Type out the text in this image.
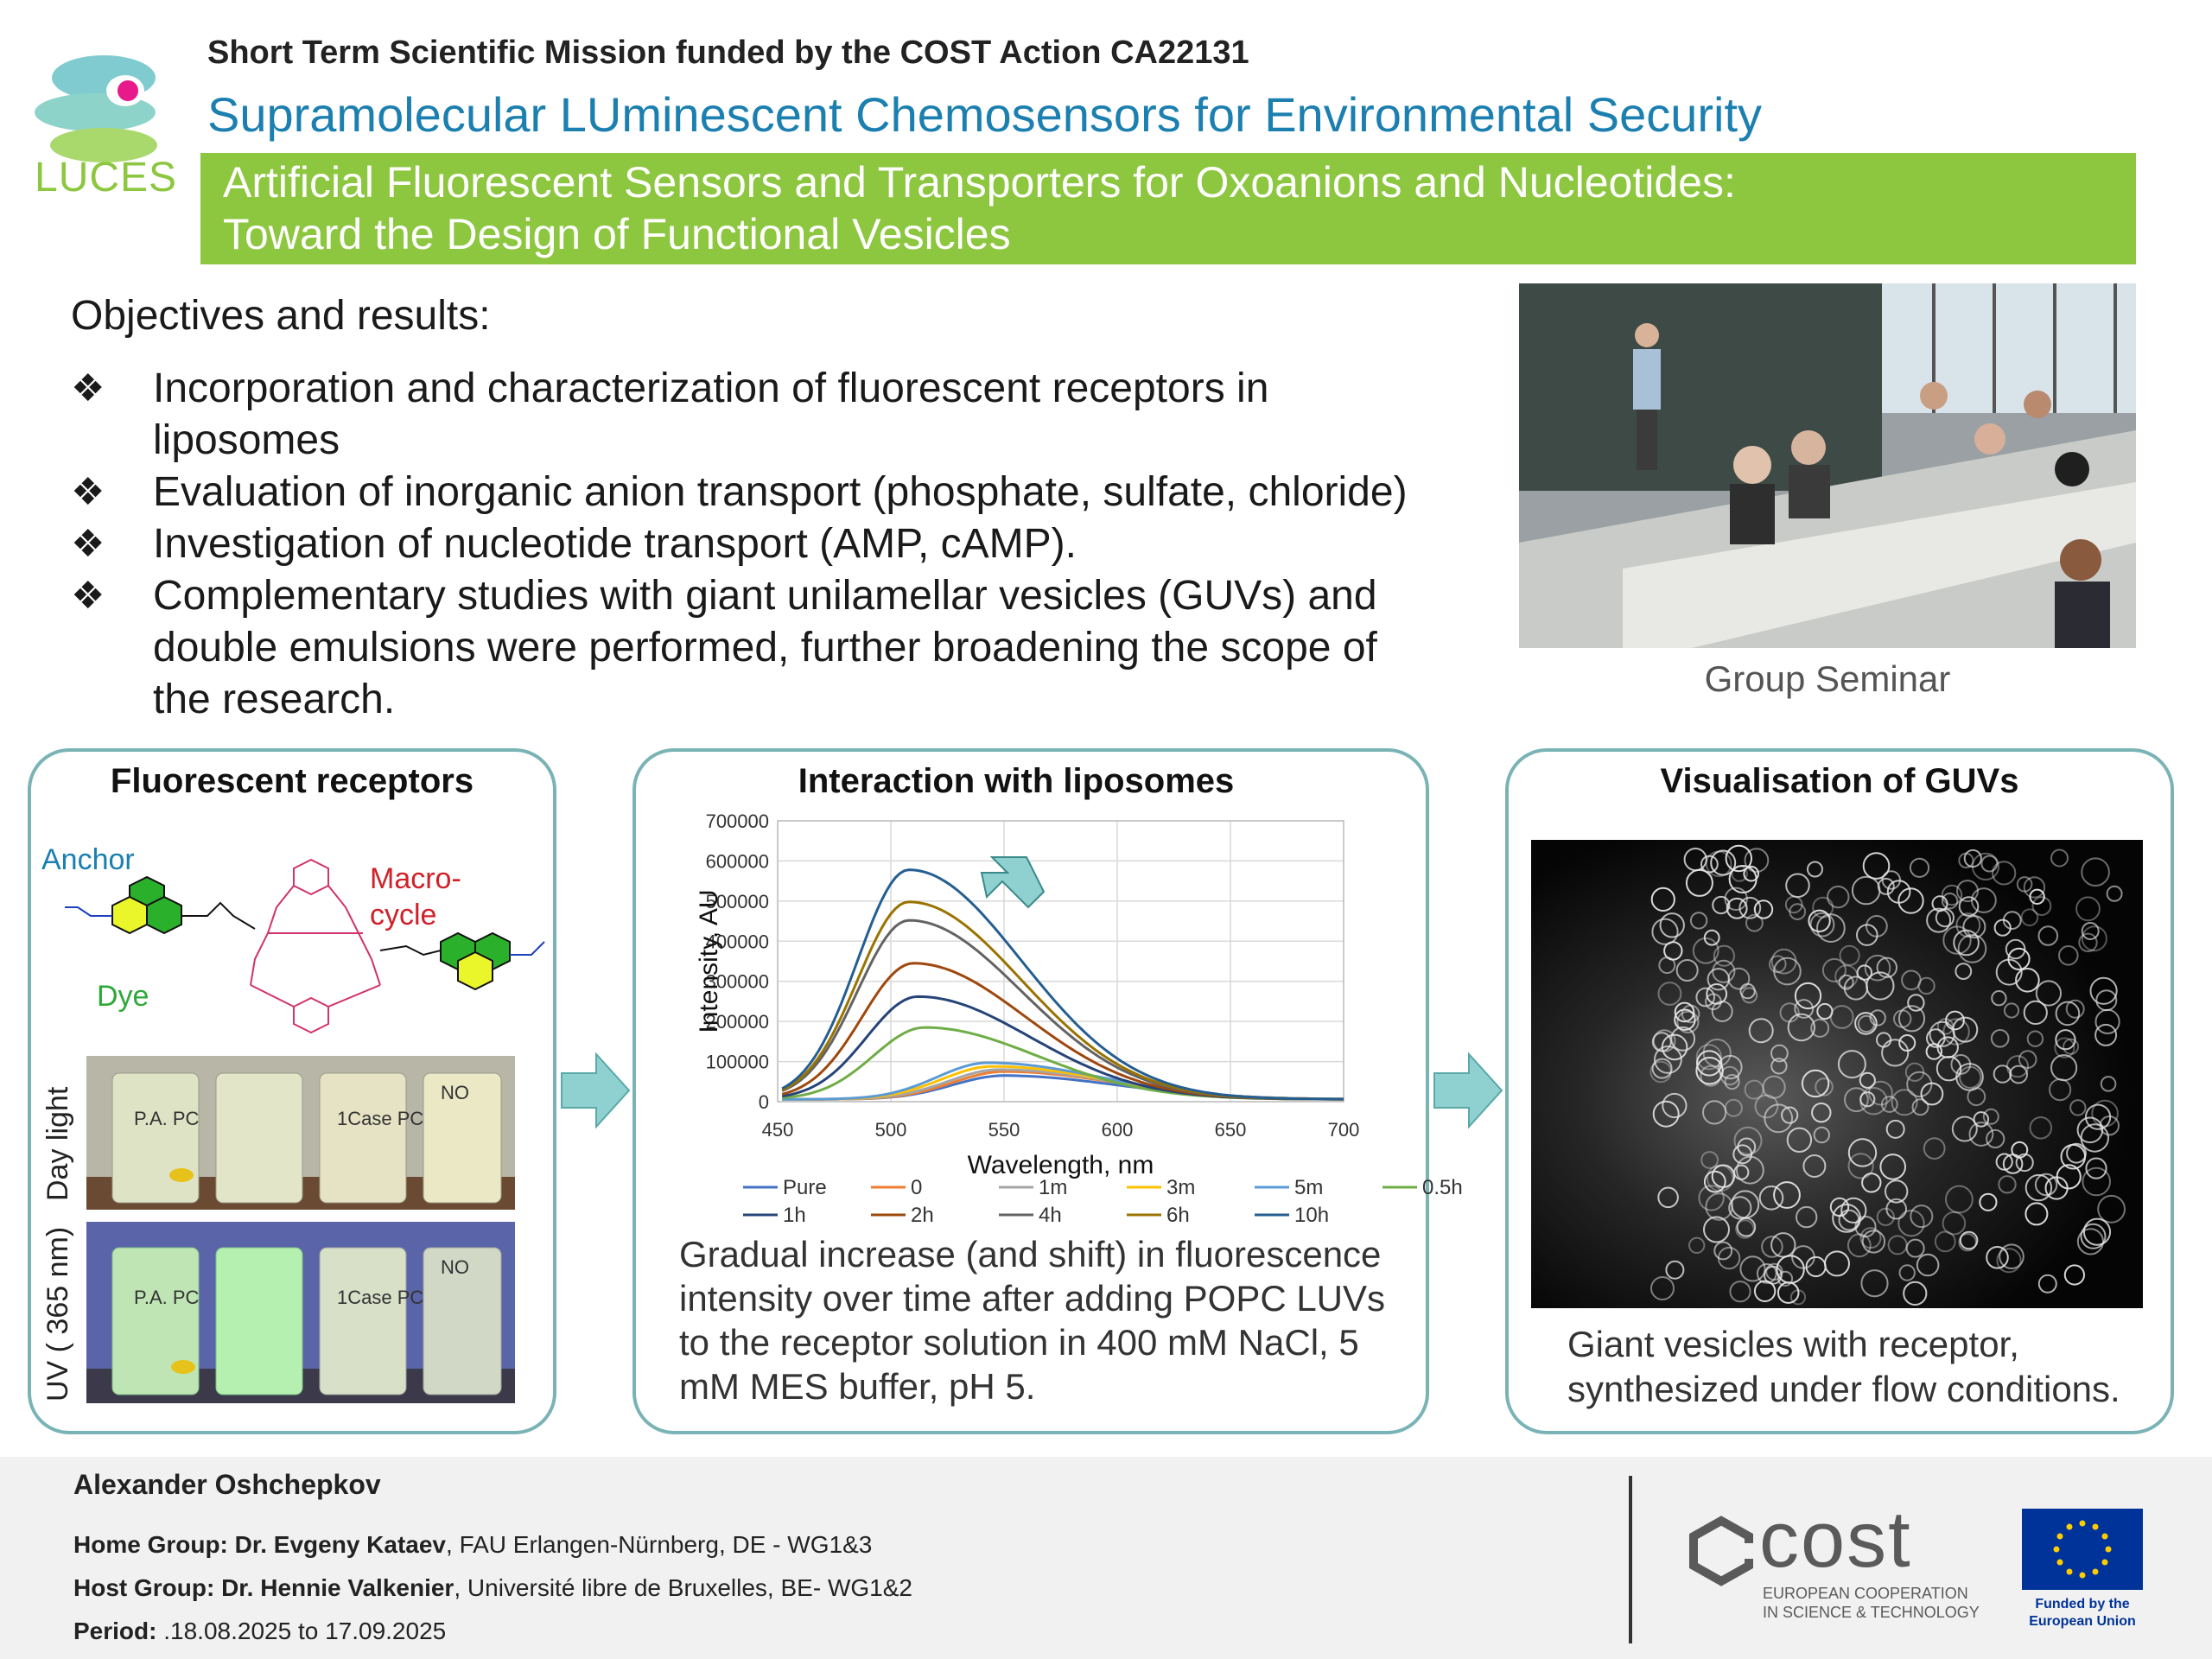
LUCES
Short Term Scientific Mission funded by the COST Action CA22131
Supramolecular LUminescent Chemosensors for Environmental Security
Artificial Fluorescent Sensors and Transporters for Oxoanions and Nucleotides:
Toward the Design of Functional Vesicles
Objectives and results:
❖ Incorporation and characterization of fluorescent receptors in
liposomes
❖ Evaluation of inorganic anion transport (phosphate, sulfate, chloride)
❖ Investigation of nucleotide transport (AMP, cAMP).
❖ Complementary studies with giant unilamellar vesicles (GUVs) and
double emulsions were performed, further broadening the scope of
the research.	Group Seminar
Fluorescent receptors
Anchor
Macro-
cycle
Dye
P.A. PC	1Case PC
NO
P.A. PC	1Case PC
NO
UV ( 365 nm)
Interaction with liposomes
0
100000
200000
300000
400000
500000
600000
700000
450	500	550	600	650	700
Pure	0	1m	3m	5m	0.5h
1h	2h	4h	6h	10h
Wavelength, nm
Intensity, AU
Gradual increase (and shift) in fluorescence
intensity over time after adding POPC LUVs
to the receptor solution in 400 mM NaCl, 5
mM MES buffer, pH 5.
Visualisation of GUVs
Giant vesicles with receptor,
synthesized under flow conditions.
Alexander Oshchepkov
Home Group: Dr. Evgeny Kataev, FAU Erlangen-Nürnberg, DE - WG1&3
Host Group: Dr. Hennie Valkenier, Université libre de Bruxelles, BE- WG1&2
Period: .18.08.2025 to 17.09.2025
cost
EUROPEAN COOPERATION
IN SCIENCE & TECHNOLOGY	Funded by the
European Union
